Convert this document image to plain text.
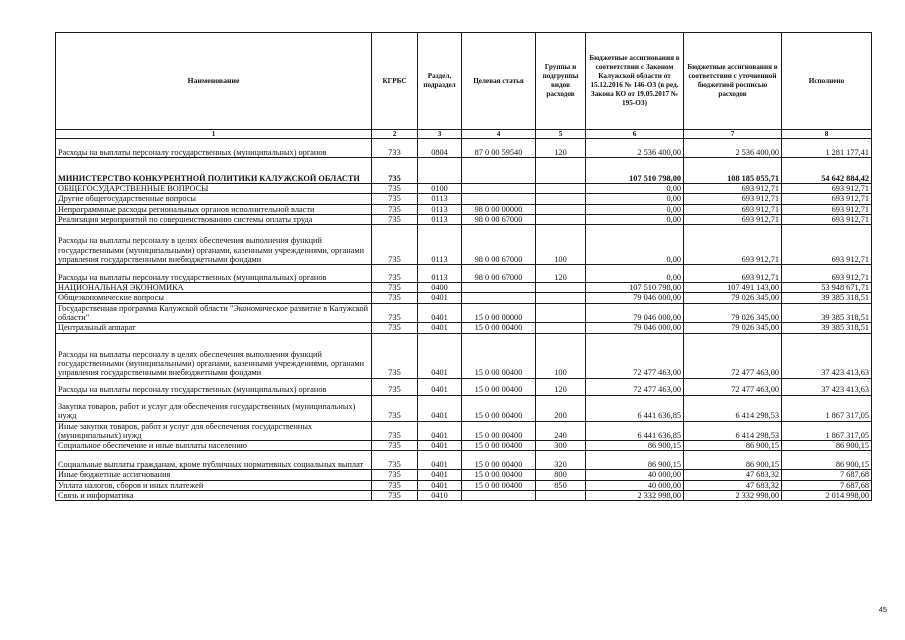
Наименование	КГРБС	Раздел, подраздел	Целевая статья	Группы и подгруппы видов расходов	Бюджетные ассигнования в соответствии с Законом Калужской области от 15.12.2016 № 146-ОЗ (в ред. Закона КО от 19.05.2017 № 195-ОЗ)	Бюджетные ассигнования в соответствии с уточненной бюджетной росписью расходов	Исполнено
1	2	3	4	5	6	7	8
Расходы на выплаты персоналу государственных (муниципальных) органов	733	0804	87 0 00 59540	120	2 536 400,00	2 536 400,00	1 281 177,41
МИНИСТЕРСТВО КОНКУРЕНТНОЙ ПОЛИТИКИ КАЛУЖСКОЙ ОБЛАСТИ	735				107 510 798,00	108 185 055,71	54 642 884,42
ОБЩЕГОСУДАРСТВЕННЫЕ ВОПРОСЫ	735	0100			0,00	693 912,71	693 912,71
Другие общегосударственные вопросы	735	0113			0,00	693 912,71	693 912,71
Непрограммные расходы региональных органов исполнительной власти	735	0113	98 0 00 00000		0,00	693 912,71	693 912,71
Реализация мероприятий по совершенствованию системы оплаты труда	735	0113	98 0 00 67000		0,00	693 912,71	693 912,71
Расходы на выплаты персоналу в целях обеспечения выполнения функций государственными (муниципальными) органами, казенными учреждениями, органами управления государственными внебюджетными фондами	735	0113	98 0 00 67000	100	0,00	693 912,71	693 912,71
Расходы на выплаты персоналу государственных (муниципальных) органов	735	0113	98 0 00 67000	120	0,00	693 912,71	693 912,71
НАЦИОНАЛЬНАЯ ЭКОНОМИКА	735	0400			107 510 798,00	107 491 143,00	53 948 671,71
Общеэкономические вопросы	735	0401			79 046 000,00	79 026 345,00	39 385 318,51
Государственная программа Калужской области "Экономическое развитие в Калужской области"	735	0401	15 0 00 00000		79 046 000,00	79 026 345,00	39 385 318,51
Центральный аппарат	735	0401	15 0 00 00400		79 046 000,00	79 026 345,00	39 385 318,51
Расходы на выплаты персоналу в целях обеспечения выполнения функций государственными (муниципальными) органами, казенными учреждениями, органами управления государственными внебюджетными фондами	735	0401	15 0 00 00400	100	72 477 463,00	72 477 463,00	37 423 413,63
Расходы на выплаты персоналу государственных (муниципальных) органов	735	0401	15 0 00 00400	120	72 477 463,00	72 477 463,00	37 423 413,63
Закупка товаров, работ и услуг для обеспечения государственных (муниципальных) нужд	735	0401	15 0 00 00400	200	6 441 636,85	6 414 298,53	1 867 317,05
Иные закупки товаров, работ и услуг для обеспечения государственных (муниципальных) нужд	735	0401	15 0 00 00400	240	6 441 636,85	6 414 298,53	1 867 317,05
Социальное обеспечение и иные выплаты населению	735	0401	15 0 00 00400	300	86 900,15	86 900,15	86 900,15
Социальные выплаты гражданам, кроме публичных нормативных социальных выплат	735	0401	15 0 00 00400	320	86 900,15	86 900,15	86 900,15
Иные бюджетные ассигнования	735	0401	15 0 00 00400	800	40 000,00	47 683,32	7 687,68
Уплата налогов, сборов и иных платежей	735	0401	15 0 00 00400	850	40 000,00	47 683,32	7 687,68
Связь и информатика	735	0410			2 332 998,00	2 332 998,00	2 014 998,00
45
